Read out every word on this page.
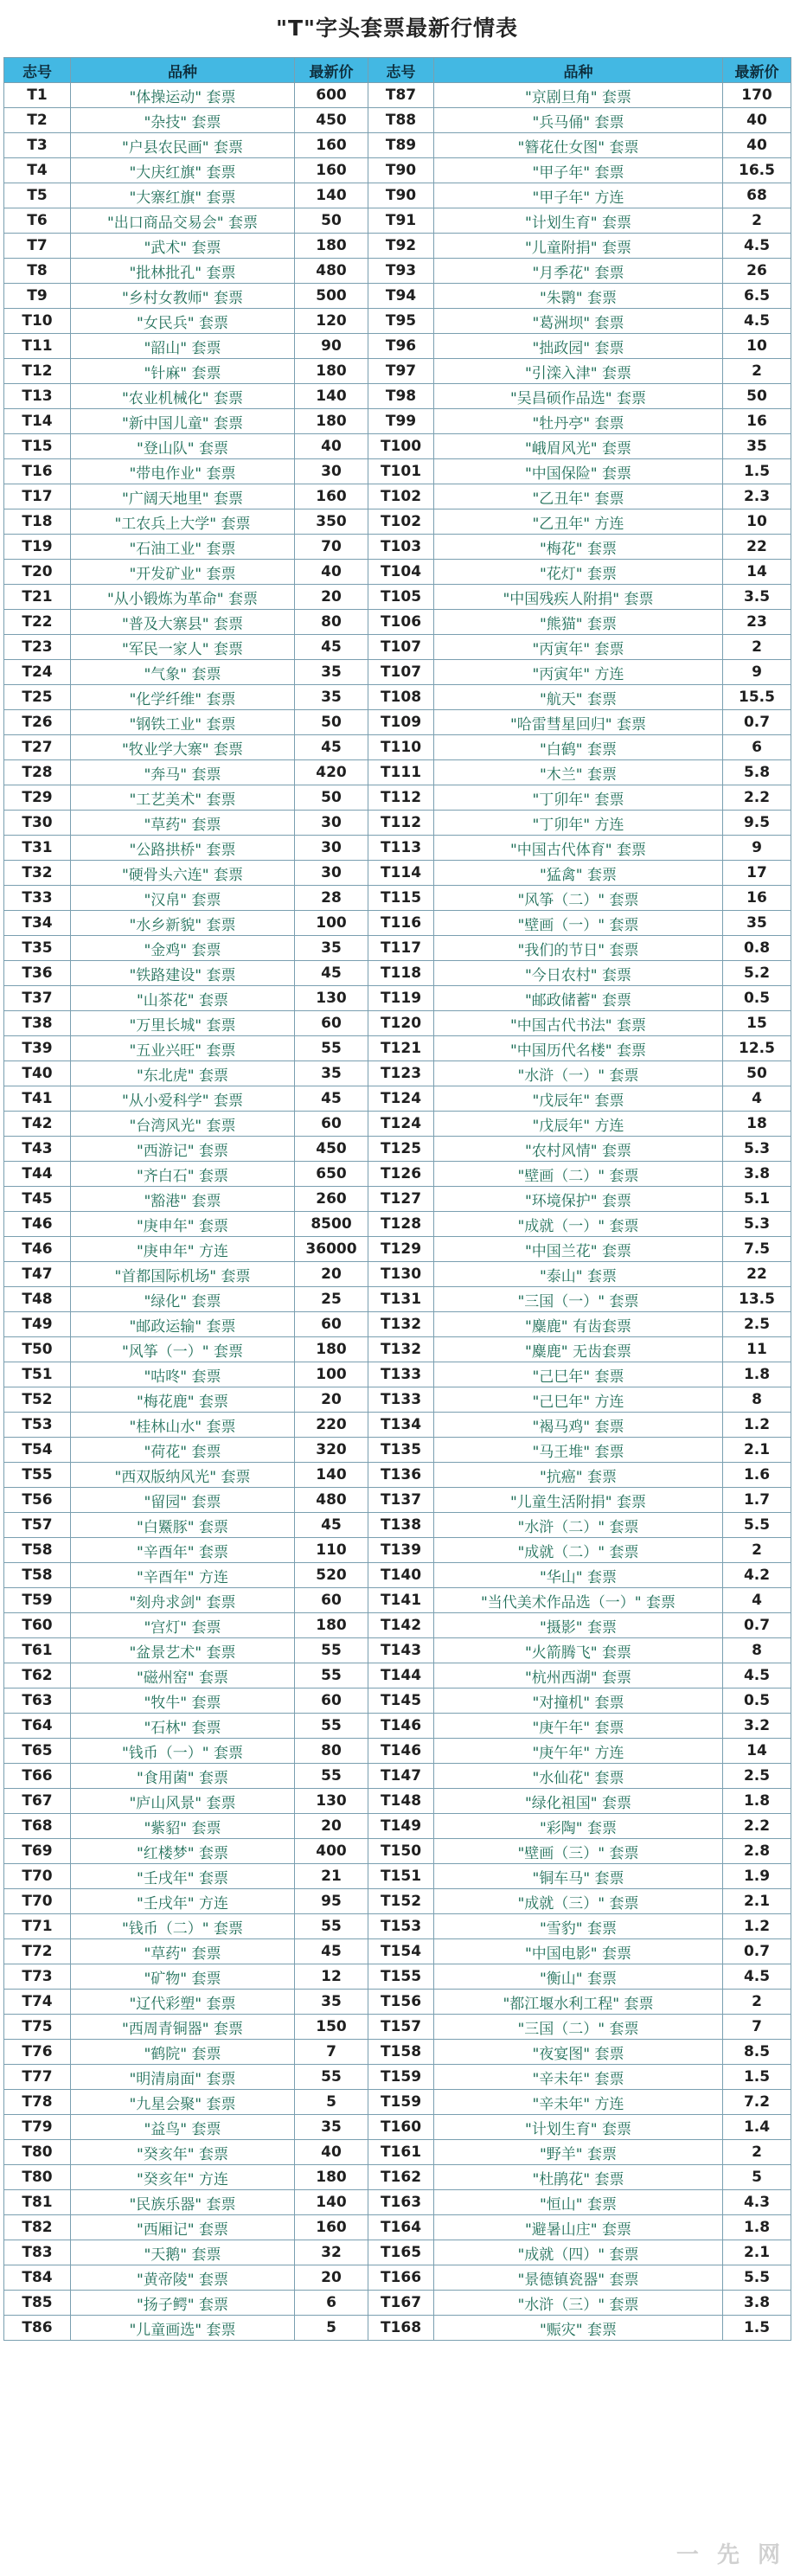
"T"字头套票最新行情表
志号	品种	最新价	志号	品种	最新价
T1	"体操运动" 套票	600	T87	"京剧旦角" 套票	170
T2	"杂技" 套票	450	T88	"兵马俑" 套票	40
T3	"户县农民画" 套票	160	T89	"簪花仕女图" 套票	40
T4	"大庆红旗" 套票	160	T90	"甲子年" 套票	16.5
T5	"大寨红旗" 套票	140	T90	"甲子年" 方连	68
T6	"出口商品交易会" 套票	50	T91	"计划生育" 套票	2
T7	"武术" 套票	180	T92	"儿童附捐" 套票	4.5
T8	"批林批孔" 套票	480	T93	"月季花" 套票	26
T9	"乡村女教师" 套票	500	T94	"朱鹮" 套票	6.5
T10	"女民兵" 套票	120	T95	"葛洲坝" 套票	4.5
T11	"韶山" 套票	90	T96	"拙政园" 套票	10
T12	"针麻" 套票	180	T97	"引滦入津" 套票	2
T13	"农业机械化" 套票	140	T98	"吴昌硕作品选" 套票	50
T14	"新中国儿童" 套票	180	T99	"牡丹亭" 套票	16
T15	"登山队" 套票	40	T100	"峨眉风光" 套票	35
T16	"带电作业" 套票	30	T101	"中国保险" 套票	1.5
T17	"广阔天地里" 套票	160	T102	"乙丑年" 套票	2.3
T18	"工农兵上大学" 套票	350	T102	"乙丑年" 方连	10
T19	"石油工业" 套票	70	T103	"梅花" 套票	22
T20	"开发矿业" 套票	40	T104	"花灯" 套票	14
T21	"从小锻炼为革命" 套票	20	T105	"中国残疾人附捐" 套票	3.5
T22	"普及大寨县" 套票	80	T106	"熊猫" 套票	23
T23	"军民一家人" 套票	45	T107	"丙寅年" 套票	2
T24	"气象" 套票	35	T107	"丙寅年" 方连	9
T25	"化学纤维" 套票	35	T108	"航天" 套票	15.5
T26	"钢铁工业" 套票	50	T109	"哈雷彗星回归" 套票	0.7
T27	"牧业学大寨" 套票	45	T110	"白鹤" 套票	6
T28	"奔马" 套票	420	T111	"木兰" 套票	5.8
T29	"工艺美术" 套票	50	T112	"丁卯年" 套票	2.2
T30	"草药" 套票	30	T112	"丁卯年" 方连	9.5
T31	"公路拱桥" 套票	30	T113	"中国古代体育" 套票	9
T32	"硬骨头六连" 套票	30	T114	"猛禽" 套票	17
T33	"汉帛" 套票	28	T115	"风筝（二）" 套票	16
T34	"水乡新貌" 套票	100	T116	"壁画（一）" 套票	35
T35	"金鸡" 套票	35	T117	"我们的节日" 套票	0.8
T36	"铁路建设" 套票	45	T118	"今日农村" 套票	5.2
T37	"山茶花" 套票	130	T119	"邮政储蓄" 套票	0.5
T38	"万里长城" 套票	60	T120	"中国古代书法" 套票	15
T39	"五业兴旺" 套票	55	T121	"中国历代名楼" 套票	12.5
T40	"东北虎" 套票	35	T123	"水浒（一）" 套票	50
T41	"从小爱科学" 套票	45	T124	"戊辰年" 套票	4
T42	"台湾风光" 套票	60	T124	"戊辰年" 方连	18
T43	"西游记" 套票	450	T125	"农村风情" 套票	5.3
T44	"齐白石" 套票	650	T126	"壁画（二）" 套票	3.8
T45	"豁港" 套票	260	T127	"环境保护" 套票	5.1
T46	"庚申年" 套票	8500	T128	"成就（一）" 套票	5.3
T46	"庚申年" 方连	36000	T129	"中国兰花" 套票	7.5
T47	"首都国际机场" 套票	20	T130	"泰山" 套票	22
T48	"绿化" 套票	25	T131	"三国（一）" 套票	13.5
T49	"邮政运输" 套票	60	T132	"麋鹿" 有齿套票	2.5
T50	"风筝（一）" 套票	180	T132	"麋鹿" 无齿套票	11
T51	"咕咚" 套票	100	T133	"己巳年" 套票	1.8
T52	"梅花鹿" 套票	20	T133	"己巳年" 方连	8
T53	"桂林山水" 套票	220	T134	"褐马鸡" 套票	1.2
T54	"荷花" 套票	320	T135	"马王堆" 套票	2.1
T55	"西双版纳风光" 套票	140	T136	"抗癌" 套票	1.6
T56	"留园" 套票	480	T137	"儿童生活附捐" 套票	1.7
T57	"白鱀豚" 套票	45	T138	"水浒（二）" 套票	5.5
T58	"辛酉年" 套票	110	T139	"成就（二）" 套票	2
T58	"辛酉年" 方连	520	T140	"华山" 套票	4.2
T59	"刻舟求剑" 套票	60	T141	"当代美术作品选（一）" 套票	4
T60	"宫灯" 套票	180	T142	"摄影" 套票	0.7
T61	"盆景艺术" 套票	55	T143	"火箭腾飞" 套票	8
T62	"磁州窑" 套票	55	T144	"杭州西湖" 套票	4.5
T63	"牧牛" 套票	60	T145	"对撞机" 套票	0.5
T64	"石林" 套票	55	T146	"庚午年" 套票	3.2
T65	"钱币（一）" 套票	80	T146	"庚午年" 方连	14
T66	"食用菌" 套票	55	T147	"水仙花" 套票	2.5
T67	"庐山风景" 套票	130	T148	"绿化祖国" 套票	1.8
T68	"紫貂" 套票	20	T149	"彩陶" 套票	2.2
T69	"红楼梦" 套票	400	T150	"壁画（三）" 套票	2.8
T70	"壬戌年" 套票	21	T151	"铜车马" 套票	1.9
T70	"壬戌年" 方连	95	T152	"成就（三）" 套票	2.1
T71	"钱币（二）" 套票	55	T153	"雪豹" 套票	1.2
T72	"草药" 套票	45	T154	"中国电影" 套票	0.7
T73	"矿物" 套票	12	T155	"衡山" 套票	4.5
T74	"辽代彩塑" 套票	35	T156	"都江堰水利工程" 套票	2
T75	"西周青铜器" 套票	150	T157	"三国（二）" 套票	7
T76	"鹤院" 套票	7	T158	"夜宴图" 套票	8.5
T77	"明清扇面" 套票	55	T159	"辛未年" 套票	1.5
T78	"九星会聚" 套票	5	T159	"辛未年" 方连	7.2
T79	"益鸟" 套票	35	T160	"计划生育" 套票	1.4
T80	"癸亥年" 套票	40	T161	"野羊" 套票	2
T80	"癸亥年" 方连	180	T162	"杜鹃花" 套票	5
T81	"民族乐器" 套票	140	T163	"恒山" 套票	4.3
T82	"西厢记" 套票	160	T164	"避暑山庄" 套票	1.8
T83	"天鹅" 套票	32	T165	"成就（四）" 套票	2.1
T84	"黄帝陵" 套票	20	T166	"景德镇瓷器" 套票	5.5
T85	"扬子鳄" 套票	6	T167	"水浒（三）" 套票	3.8
T86	"儿童画选" 套票	5	T168	"赈灾" 套票	1.5
一 先 网
